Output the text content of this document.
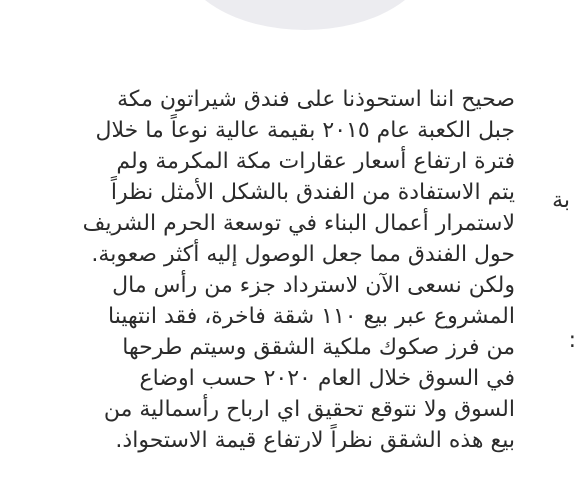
صحيح اننا استحوذنا على فندق شيراتون مكة
جبل الكعبة عام ٢٠١٥ بقيمة عالية نوعاً ما خلال
فترة ارتفاع أسعار عقارات مكة المكرمة ولم
يتم الاستفادة من الفندق بالشكل الأمثل نظراً
لاستمرار أعمال البناء في توسعة الحرم الشريف
حول الفندق مما جعل الوصول إليه أكثر صعوبة.
ولكن نسعى الآن لاسترداد جزء من رأس مال
المشروع عبر بيع ١١٠ شقة فاخرة، فقد انتهينا
من فرز صكوك ملكية الشقق وسيتم طرحها
في السوق خلال العام ٢٠٢٠ حسب اوضاع
السوق ولا نتوقع تحقيق اي ارباح رأسمالية من
بيع هذه الشقق نظراً لارتفاع قيمة الاستحواذ.
بة
:
